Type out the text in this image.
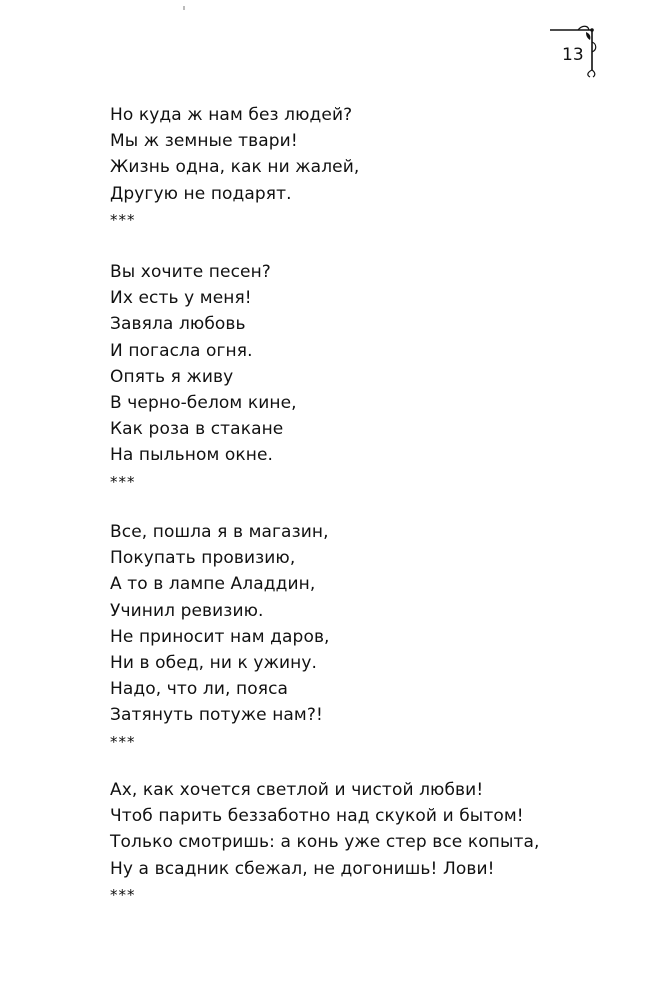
13
Но куда ж нам без людей?
Мы ж земные твари!
Жизнь одна, как ни жалей,
Другую не подарят.
***
Вы хочите песен?
Их есть у меня!
Завяла любовь
И погасла огня.
Опять я живу
В черно-белом кине,
Как роза в стакане
На пыльном окне.
***
Все, пошла я в магазин,
Покупать провизию,
А то в лампе Аладдин,
Учинил ревизию.
Не приносит нам даров,
Ни в обед, ни к ужину.
Надо, что ли, пояса
Затянуть потуже нам?!
***
Ах, как хочется светлой и чистой любви!
Чтоб парить беззаботно над скукой и бытом!
Только смотришь: а конь уже стер все копыта,
Ну а всадник сбежал, не догонишь! Лови!
***
